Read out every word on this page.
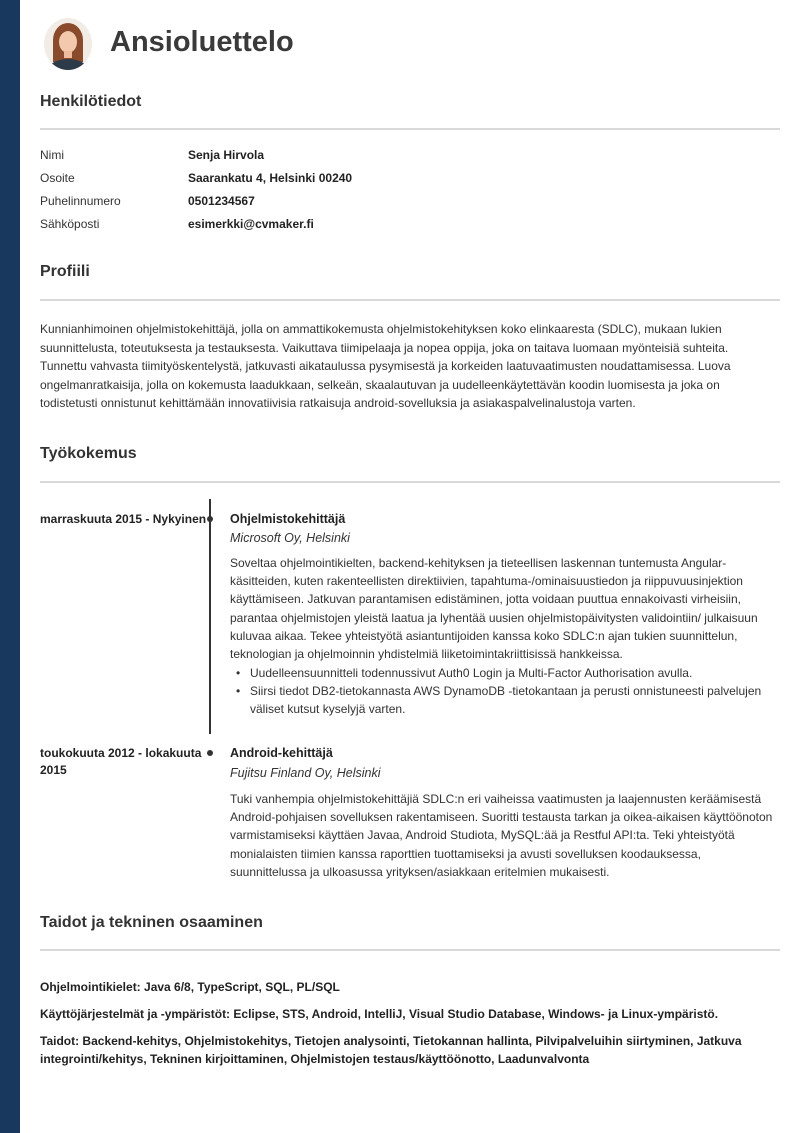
Ansioluettelo
Henkilötiedot
Nimi	Senja Hirvola
Osoite	Saarankatu 4, Helsinki 00240
Puhelinnumero	0501234567
Sähköposti	esimerkki@cvmaker.fi
Profiili
Kunnianhimoinen ohjelmistokehittäjä, jolla on ammattikokemusta ohjelmistokehityksen koko elinkaaresta (SDLC), mukaan lukien suunnittelusta, toteutuksesta ja testauksesta. Vaikuttava tiimipelaaja ja nopea oppija, joka on taitava luomaan myönteisiä suhteita. Tunnettu vahvasta tiimityöskentelystä, jatkuvasti aikataulussa pysymisestä ja korkeiden laatuvaatimusten noudattamisessa. Luova ongelmanratkaisija, jolla on kokemusta laadukkaan, selkeän, skaalautuvan ja uudelleenkäytettävän koodin luomisesta ja joka on todistetusti onnistunut kehittämään innovatiivisia ratkaisuja android-sovelluksia ja asiakaspalvelinalustoja varten.
Työkokemus
marraskuuta 2015 - Nykyinen Ohjelmistokehittäjä
Microsoft Oy, Helsinki
Soveltaa ohjelmointikielten, backend-kehityksen ja tieteellisen laskennan tuntemusta Angular-käsitteiden, kuten rakenteellisten direktiivien, tapahtuma-/ominaisuustiedon ja riippuvuusinjektion käyttämiseen. Jatkuvan parantamisen edistäminen, jotta voidaan puuttua ennakoivasti virheisiin, parantaa ohjelmistojen yleistä laatua ja lyhentää uusien ohjelmistopäivitysten validointiin/ julkaisuun kuluvaa aikaa. Tekee yhteistyötä asiantuntijoiden kanssa koko SDLC:n ajan tukien suunnittelun, teknologian ja ohjelmoinnin yhdistelmiä liiketoimintakriittisissä hankkeissa.
• Uudelleensuunnitteli todennussivut Auth0 Login ja Multi-Factor Authorisation avulla.
• Siirsi tiedot DB2-tietokannasta AWS DynamoDB -tietokantaan ja perusti onnistuneesti palvelujen väliset kutsut kyselyjä varten.
toukokuuta 2012 - lokakuuta 2015
Android-kehittäjä
Fujitsu Finland Oy, Helsinki
Tuki vanhempia ohjelmistokehittäjiä SDLC:n eri vaiheissa vaatimusten ja laajennusten keräämisestä Android-pohjaisen sovelluksen rakentamiseen. Suoritti testausta tarkan ja oikea-aikaisen käyttöönoton varmistamiseksi käyttäen Javaa, Android Studiota, MySQL:ää ja Restful API:ta. Teki yhteistyötä monialaisten tiimien kanssa raporttien tuottamiseksi ja avusti sovelluksen koodauksessa, suunnittelussa ja ulkoasussa yrityksen/asiakkaan eritelmien mukaisesti.
Taidot ja tekninen osaaminen
Ohjelmointikielet: Java 6/8, TypeScript, SQL, PL/SQL
Käyttöjärjestelmät ja -ympäristöt: Eclipse, STS, Android, IntelliJ, Visual Studio Database, Windows- ja Linux-ympäristö.
Taidot: Backend-kehitys, Ohjelmistokehitys, Tietojen analysointi, Tietokannan hallinta, Pilvipalveluihin siirtyminen, Jatkuva integrointi/kehitys, Tekninen kirjoittaminen, Ohjelmistojen testaus/käyttöönotto, Laadunvalvonta
